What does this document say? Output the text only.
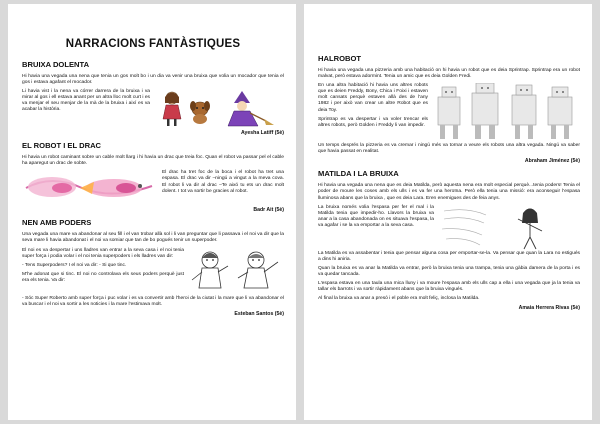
NARRACIONS FANTÀSTIQUES
BRUIXA DOLENTA

Hi havia una vegada una nena que tenia un gos molt bo i un dia va venir una bruixa que volia un mocador que tenia el gos i estava agafant el mocador.

Li havia vist i la nena va córrer darrera de la bruixa i va mirar al gos i ell estava anant per un altra lloc molt curt i es va menjar el seu menjar de la mà de la bruixa i així es va acabar la història.

Ayesha Latiff (5è)
EL ROBOT I EL DRAC

Hi havia un robot caminant sobre un cable molt llarg i hi havia un drac que treia foc. Quan el robot va passar pel el cable ha aparegut un drac de sobte.

El drac ha tret foc de la boca i el robot ha tret una espasa. El drac va dir –ningú a vingut a la meva cova. El robot li va dir al drac –Te aixó tu ets un drac molt dolent. I tot va sortir be gracies al robot.

Badr Ait (5è)
NEN AMB PODERS

Una vegada una mare va abandonar al seu fill i el van trobar allà sol i li van preguntar que li passava i el noi va dir que la seva mare li havia abandonat i el noi va somiar que tan de bo pogués tenir un superpoder.

El noi es va despertar i uns lladres van entrar a la seva casa i el noi tenia super força i podia volar i el noi tenia superpoders i els lladres van dir:

- Tens Superpoders? I el noi va dir: - Si que tinc.

M'he adonat que si tinc. El noi no controlava els seus poders perquè just era els tenia. Va dir:

- Sóc Super Roberto amb super força i puc volar i es va convertir amb l'heroi de la ciutat i la mare que li va abandonar el va buscar i el noi va sortir a les noticies i la mare l'estimava molt.

Esteban Santos (5è)
HALROBOT

Hi havia una vegada una pizzeria amb una habitació on hi havia un robot que es deia Sprintrap. Sprintrap era un robot malvat, però estava adormint. Tenia un amic que es deia Golden Fredi.

En una altra habitació hi havia uns altres robots que es deien Freddy, Bony, Chica i Foixi i estaven molt cansats perquè estaven allà des de l'any 1982 i per això van crear un altre Robot que es deia Toy.

Sprintrap es va despertar i va voler trencar els altres robots, però Golden i Freddy li van impedir.

Un temps després la pizzeria es va cremar i ningú més va tornar a veure els robots una altra vegada. Ningú va saber que havia passat en realitat.

Abraham Jiménez (5è)
MATILDA I LA BRUIXA

Hi havia una vegada una nena que es deia Matilda, però aquesta nena era molt especial perquè...tenia poders! Tenia el poder de moure les coses amb els ulls i es va fer una heroïna. Però ella tenia una missió: era aconseguir l'espasa lluminosa abans que la bruixa , que es deia Lara. Eren enemigues des de feia anys.

La bruixa només volia l'espasa per fer el mal i la Matilda tenia que impedir-ho. Llavors la bruixa va anar a la casa abandonada on es situava l'espasa, la va agafar i se la va emportar a la seva casa.

La Matilda es va assabentar i tenia que pensar alguna cosa per emportar-se-la. Va pensar que quan la Lara no estigués a dins hi aniria.

Quan la bruixa es va anar la Matilda va entrar, però la bruixa tenia una trampa, tenia una gàbia damera de la porta i es va quedar tancada.

L'espasa estava en una taula una mica lluny i va moure l'espasa amb els ulls cap a ella i una vegada que ja la tenia va tallar els barrots i va sortir ràpidament abans que la bruixa vingués.

Al final la bruixa va anar a presó i el poble era molt feliç, inclosa la Matilda.

Amaia Herrera Rivas (5è)
